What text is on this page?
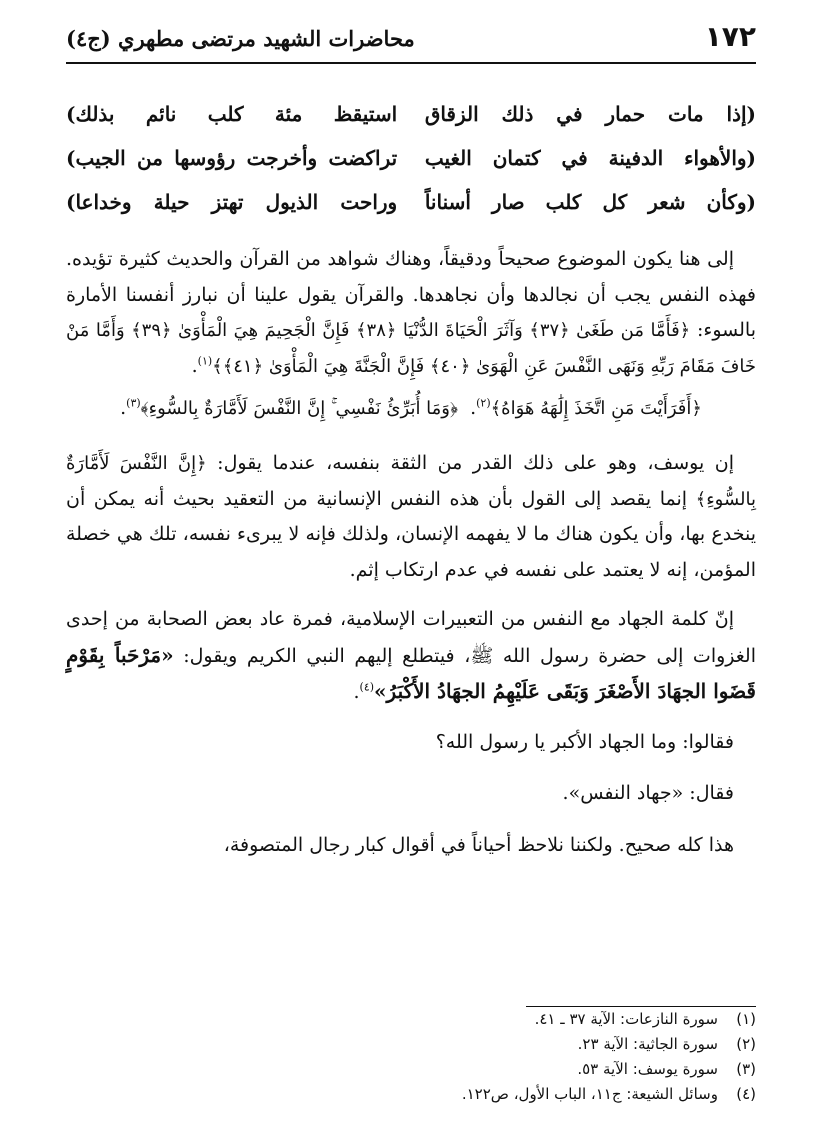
١٧٢
محاضرات الشهيد مرتضى مطهري (ج٤)
(إذا مات حمار في ذلك الزقاق
استيقظ مئة كلب نائم بذلك)
(والأهواء الدفينة في كتمان الغيب
تراكضت وأخرجت رؤوسها من الجيب)
(وكأن شعر كل كلب صار أسناناً
وراحت الذيول تهتز حيلة وخداعا)

إلى هنا يكون الموضوع صحيحاً ودقيقاً، وهناك شواهد من القرآن والحديث كثيرة تؤيده. فهذه النفس يجب أن نجالدها وأن نجاهدها. والقرآن يقول علينا أن نبارز أنفسنا الأمارة بالسوء: ﴿فَأَمَّا مَن طَغَىٰ ﴿٣٧﴾ وَآثَرَ الْحَيَاةَ الدُّنْيَا ﴿٣٨﴾ فَإِنَّ الْجَحِيمَ هِيَ الْمَأْوَىٰ ﴿٣٩﴾ وَأَمَّا مَنْ خَافَ مَقَامَ رَبِّهِ وَنَهَى النَّفْسَ عَنِ الْهَوَىٰ ﴿٤٠﴾ فَإِنَّ الْجَنَّةَ هِيَ الْمَأْوَىٰ ﴿٤١﴾﴾$^{(١)}$.

﴿أَفَرَأَيْتَ مَنِ اتَّخَذَ إِلَٰهَهُ هَوَاهُ﴾$^{(٢)}$.  ﴿وَمَا أُبَرِّئُ نَفْسِي ۚ إِنَّ النَّفْسَ لَأَمَّارَةٌ بِالسُّوءِ﴾$^{(٣)}$.

إن يوسف، وهو على ذلك القدر من الثقة بنفسه، عندما يقول: ﴿إِنَّ النَّفْسَ لَأَمَّارَةٌ بِالسُّوءِ﴾ إنما يقصد إلى القول بأن هذه النفس الإنسانية من التعقيد بحيث أنه يمكن أن ينخدع بها، وأن يكون هناك ما لا يفهمه الإنسان، ولذلك فإنه لا يبرىء نفسه، تلك هي خصلة المؤمن، إنه لا يعتمد على نفسه في عدم ارتكاب إثم.

إنّ كلمة الجهاد مع النفس من التعبيرات الإسلامية، فمرة عاد بعض الصحابة من إحدى الغزوات إلى حضرة رسول الله ﷺ، فيتطلع إليهم النبي الكريم ويقول: «مَرْحَباً بِقَوْمٍ قَضَوا الجهَادَ الأَصْغَرَ وَبَقَى عَلَيْهِمُ الجهَادُ الأَكْبَرُ»$^{(٤)}$.

فقالوا: وما الجهاد الأكبر يا رسول الله؟

فقال: «جهاد النفس».

هذا كله صحيح. ولكننا نلاحظ أحياناً في أقوال كبار رجال المتصوفة،

(١)سورة النازعات: الآية ٣٧ ـ ٤١.
(٢)سورة الجاثية: الآية ٢٣.
(٣)سورة يوسف: الآية ٥٣.
(٤)وسائل الشيعة: ج١١، الباب الأول، ص١٢٢.
